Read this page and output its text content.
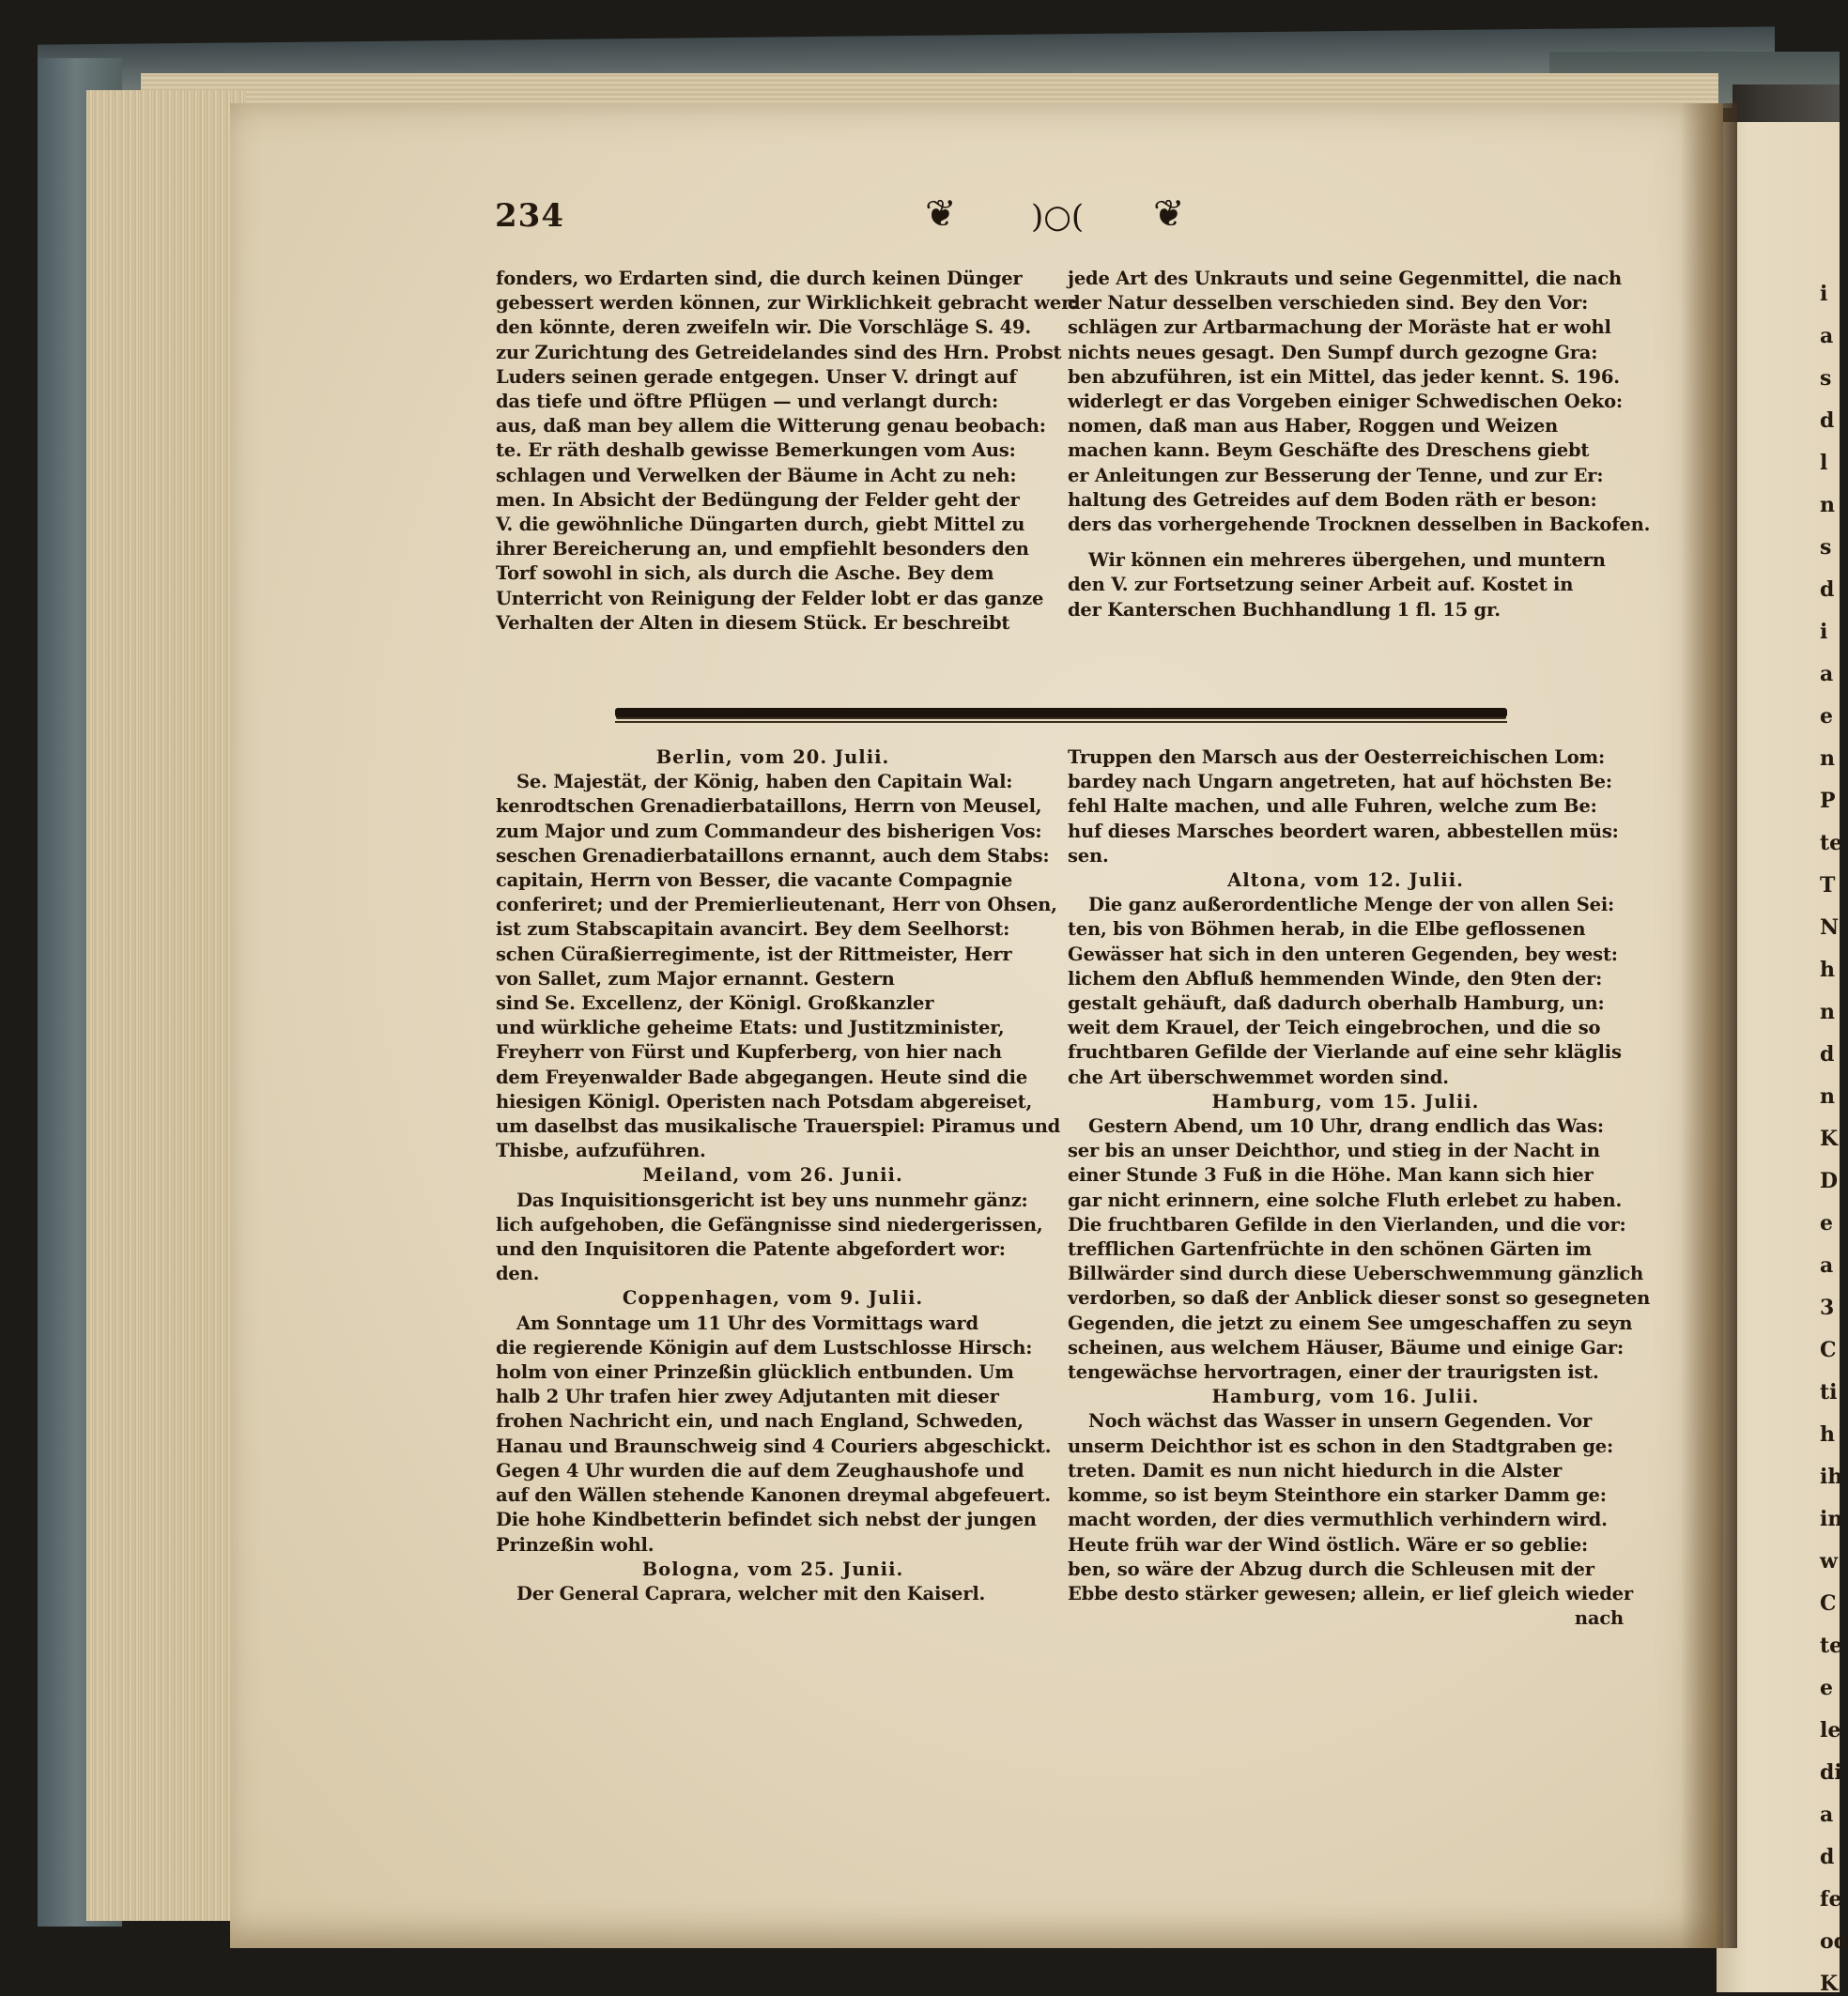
234	❦ )○( ❦
fonders, wo Erdarten sind, die durch keinen Dünger
gebessert werden können, zur Wirklichkeit gebracht wer:
den könnte, deren zweifeln wir. Die Vorschläge S. 49.
zur Zurichtung des Getreidelandes sind des Hrn. Probst
Luders seinen gerade entgegen. Unser V. dringt auf
das tiefe und öftre Pflügen — und verlangt durch:
aus, daß man bey allem die Witterung genau beobach:
te. Er räth deshalb gewisse Bemerkungen vom Aus:
schlagen und Verwelken der Bäume in Acht zu neh:
men. In Absicht der Bedüngung der Felder geht der
V. die gewöhnliche Düngarten durch, giebt Mittel zu
ihrer Bereicherung an, und empfiehlt besonders den
Torf sowohl in sich, als durch die Asche. Bey dem
Unterricht von Reinigung der Felder lobt er das ganze
Verhalten der Alten in diesem Stück. Er beschreibt
jede Art des Unkrauts und seine Gegenmittel, die nach
der Natur desselben verschieden sind. Bey den Vor:
schlägen zur Artbarmachung der Moräste hat er wohl
nichts neues gesagt. Den Sumpf durch gezogne Gra:
ben abzuführen, ist ein Mittel, das jeder kennt. S. 196.
widerlegt er das Vorgeben einiger Schwedischen Oeko:
nomen, daß man aus Haber, Roggen und Weizen
machen kann. Beym Geschäfte des Dreschens giebt
er Anleitungen zur Besserung der Tenne, und zur Er:
haltung des Getreides auf dem Boden räth er beson:
ders das vorhergehende Trocknen desselben in Backofen.
Wir können ein mehreres übergehen, und muntern
den V. zur Fortsetzung seiner Arbeit auf. Kostet in
der Kanterschen Buchhandlung 1 fl. 15 gr.
Berlin, vom 20. Julii.
Se. Majestät, der König, haben den Capitain Wal:
kenrodtschen Grenadierbataillons, Herrn von Meusel,
zum Major und zum Commandeur des bisherigen Vos:
seschen Grenadierbataillons ernannt, auch dem Stabs:
capitain, Herrn von Besser, die vacante Compagnie
conferiret; und der Premierlieutenant, Herr von Ohsen,
ist zum Stabscapitain avancirt. Bey dem Seelhorst:
schen Cüraßierregimente, ist der Rittmeister, Herr
von Sallet, zum Major ernannt. Gestern
sind Se. Excellenz, der Königl. Großkanzler
und würkliche geheime Etats: und Justitzminister,
Freyherr von Fürst und Kupferberg, von hier nach
dem Freyenwalder Bade abgegangen. Heute sind die
hiesigen Königl. Operisten nach Potsdam abgereiset,
um daselbst das musikalische Trauerspiel: Piramus und
Thisbe, aufzuführen.
Meiland, vom 26. Junii.
Das Inquisitionsgericht ist bey uns nunmehr gänz:
lich aufgehoben, die Gefängnisse sind niedergerissen,
und den Inquisitoren die Patente abgefordert wor:
den.
Coppenhagen, vom 9. Julii.
Am Sonntage um 11 Uhr des Vormittags ward
die regierende Königin auf dem Lustschlosse Hirsch:
holm von einer Prinzeßin glücklich entbunden. Um
halb 2 Uhr trafen hier zwey Adjutanten mit dieser
frohen Nachricht ein, und nach England, Schweden,
Hanau und Braunschweig sind 4 Couriers abgeschickt.
Gegen 4 Uhr wurden die auf dem Zeughaushofe und
auf den Wällen stehende Kanonen dreymal abgefeuert.
Die hohe Kindbetterin befindet sich nebst der jungen
Prinzeßin wohl.
Bologna, vom 25. Junii.
Der General Caprara, welcher mit den Kaiserl.
Truppen den Marsch aus der Oesterreichischen Lom:
bardey nach Ungarn angetreten, hat auf höchsten Be:
fehl Halte machen, und alle Fuhren, welche zum Be:
huf dieses Marsches beordert waren, abbestellen müs:
sen.
Altona, vom 12. Julii.
Die ganz außerordentliche Menge der von allen Sei:
ten, bis von Böhmen herab, in die Elbe geflossenen
Gewässer hat sich in den unteren Gegenden, bey west:
lichem den Abfluß hemmenden Winde, den 9ten der:
gestalt gehäuft, daß dadurch oberhalb Hamburg, un:
weit dem Krauel, der Teich eingebrochen, und die so
fruchtbaren Gefilde der Vierlande auf eine sehr kläglis
che Art überschwemmet worden sind.
Hamburg, vom 15. Julii.
Gestern Abend, um 10 Uhr, drang endlich das Was:
ser bis an unser Deichthor, und stieg in der Nacht in
einer Stunde 3 Fuß in die Höhe. Man kann sich hier
gar nicht erinnern, eine solche Fluth erlebet zu haben.
Die fruchtbaren Gefilde in den Vierlanden, und die vor:
trefflichen Gartenfrüchte in den schönen Gärten im
Billwärder sind durch diese Ueberschwemmung gänzlich
verdorben, so daß der Anblick dieser sonst so gesegneten
Gegenden, die jetzt zu einem See umgeschaffen zu seyn
scheinen, aus welchem Häuser, Bäume und einige Gar:
tengewächse hervortragen, einer der traurigsten ist.
Hamburg, vom 16. Julii.
Noch wächst das Wasser in unsern Gegenden. Vor
unserm Deichthor ist es schon in den Stadtgraben ge:
treten. Damit es nun nicht hiedurch in die Alster
komme, so ist beym Steinthore ein starker Damm ge:
macht worden, der dies vermuthlich verhindern wird.
Heute früh war der Wind östlich. Wäre er so geblie:
ben, so wäre der Abzug durch die Schleusen mit der
Ebbe desto stärker gewesen; allein, er lief gleich wieder
nach
i
a
s
d
l
n
s
d
i
a
e
n
P
te
T
N
h
n
d
n
K
D
e
a
3
C
ti
h
ih
in
w
C
te
e
le
di
a
d
fe
od
K
